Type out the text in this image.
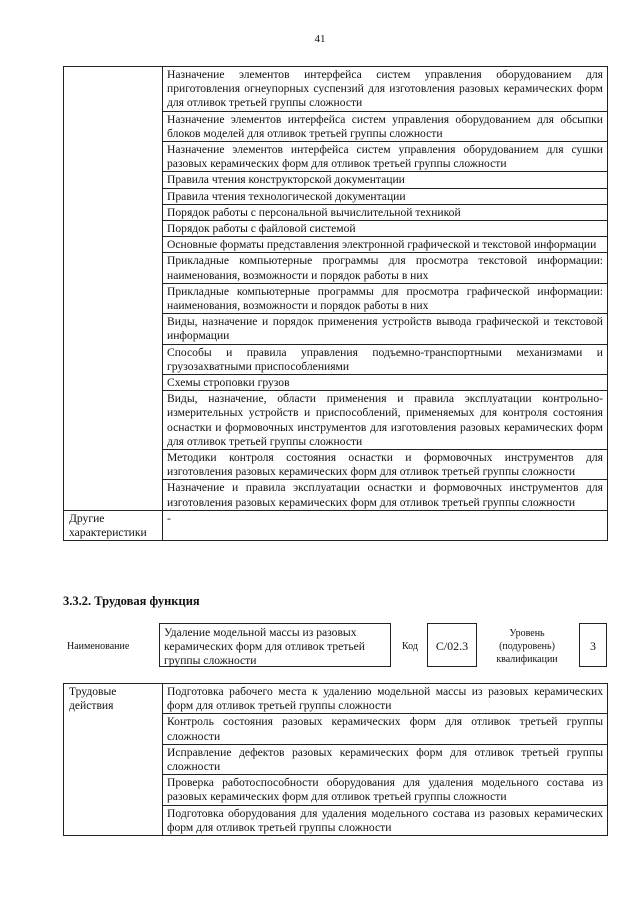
41
	Назначение элементов интерфейса систем управления оборудованием для приготовления огнеупорных суспензий для изготовления разовых керамических форм для отливок третьей группы сложности
	Назначение элементов интерфейса систем управления оборудованием для обсыпки блоков моделей для отливок третьей группы сложности
	Назначение элементов интерфейса систем управления оборудованием для сушки разовых керамических форм для отливок третьей группы сложности
	Правила чтения конструкторской документации
	Правила чтения технологической документации
	Порядок работы с персональной вычислительной техникой
	Порядок работы с файловой системой
	Основные форматы представления электронной графической и текстовой информации
	Прикладные компьютерные программы для просмотра текстовой информации: наименования, возможности и порядок работы в них
	Прикладные компьютерные программы для просмотра графической информации: наименования, возможности и порядок работы в них
	Виды, назначение и порядок применения устройств вывода графической и текстовой информации
	Способы и правила управления подъемно-транспортными механизмами и грузозахватными приспособлениями
	Схемы строповки грузов
	Виды, назначение, области применения и правила эксплуатации контрольно-измерительных устройств и приспособлений, применяемых для контроля состояния оснастки и формовочных инструментов для изготовления разовых керамических форм для отливок третьей группы сложности
	Методики контроля состояния оснастки и формовочных инструментов для изготовления разовых керамических форм для отливок третьей группы сложности
	Назначение и правила эксплуатации оснастки и формовочных инструментов для изготовления разовых керамических форм для отливок третьей группы сложности
Другие характеристики	-
3.3.2. Трудовая функция
Наименование
Удаление модельной массы из разовых керамических форм для отливок третьей группы сложности
Код	С/02.3
Уровень (подуровень) квалификации
3
Трудовые действия	Подготовка рабочего места к удалению модельной массы из разовых керамических форм для отливок третьей группы сложности
Контроль состояния разовых керамических форм для отливок третьей группы сложности
Исправление дефектов разовых керамических форм для отливок третьей группы сложности
Проверка работоспособности оборудования для удаления модельного состава из разовых керамических форм для отливок третьей группы сложности
Подготовка оборудования для удаления модельного состава из разовых керамических форм для отливок третьей группы сложности
